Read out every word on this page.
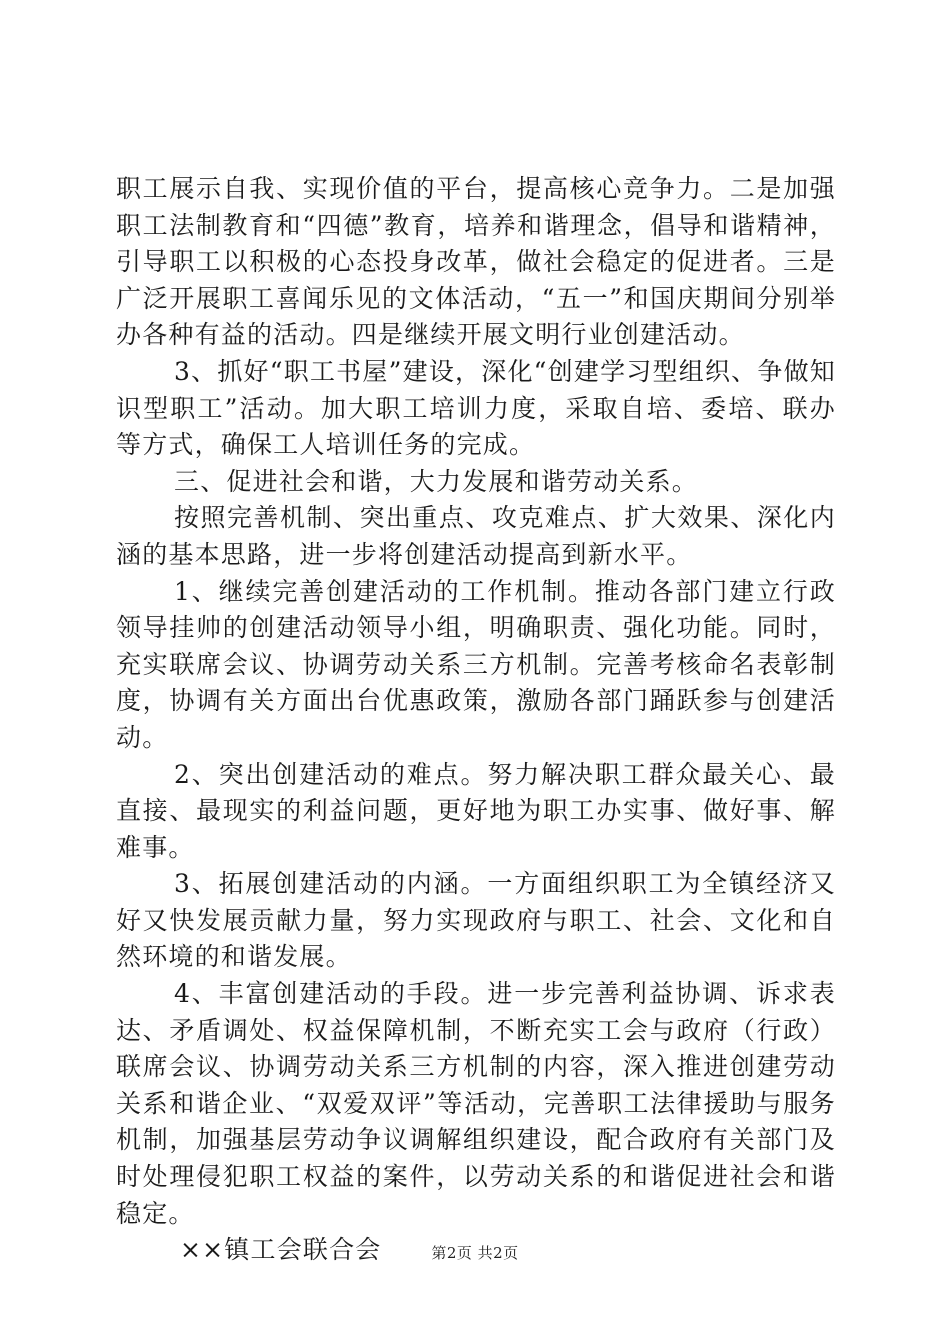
职工展示自我、实现价值的平台，提高核心竞争力。二是加强职工法制教育和“四德”教育，培养和谐理念，倡导和谐精神，引导职工以积极的心态投身改革，做社会稳定的促进者。三是广泛开展职工喜闻乐见的文体活动，“五一”和国庆期间分别举办各种有益的活动。四是继续开展文明行业创建活动。

3、抓好“职工书屋”建设，深化“创建学习型组织、争做知识型职工”活动。加大职工培训力度，采取自培、委培、联办等方式，确保工人培训任务的完成。

三、促进社会和谐，大力发展和谐劳动关系。

按照完善机制、突出重点、攻克难点、扩大效果、深化内涵的基本思路，进一步将创建活动提高到新水平。

1、继续完善创建活动的工作机制。推动各部门建立行政领导挂帅的创建活动领导小组，明确职责、强化功能。同时，充实联席会议、协调劳动关系三方机制。完善考核命名表彰制度，协调有关方面出台优惠政策，激励各部门踊跃参与创建活动。

2、突出创建活动的难点。努力解决职工群众最关心、最直接、最现实的利益问题，更好地为职工办实事、做好事、解难事。

3、拓展创建活动的内涵。一方面组织职工为全镇经济又好又快发展贡献力量，努力实现政府与职工、社会、文化和自然环境的和谐发展。

4、丰富创建活动的手段。进一步完善利益协调、诉求表达、矛盾调处、权益保障机制，不断充实工会与政府（行政）联席会议、协调劳动关系三方机制的内容，深入推进创建劳动关系和谐企业、“双爱双评”等活动，完善职工法律援助与服务机制，加强基层劳动争议调解组织建设，配合政府有关部门及时处理侵犯职工权益的案件，以劳动关系的和谐促进社会和谐稳定。

××镇工会联合会	第2页 共2页
